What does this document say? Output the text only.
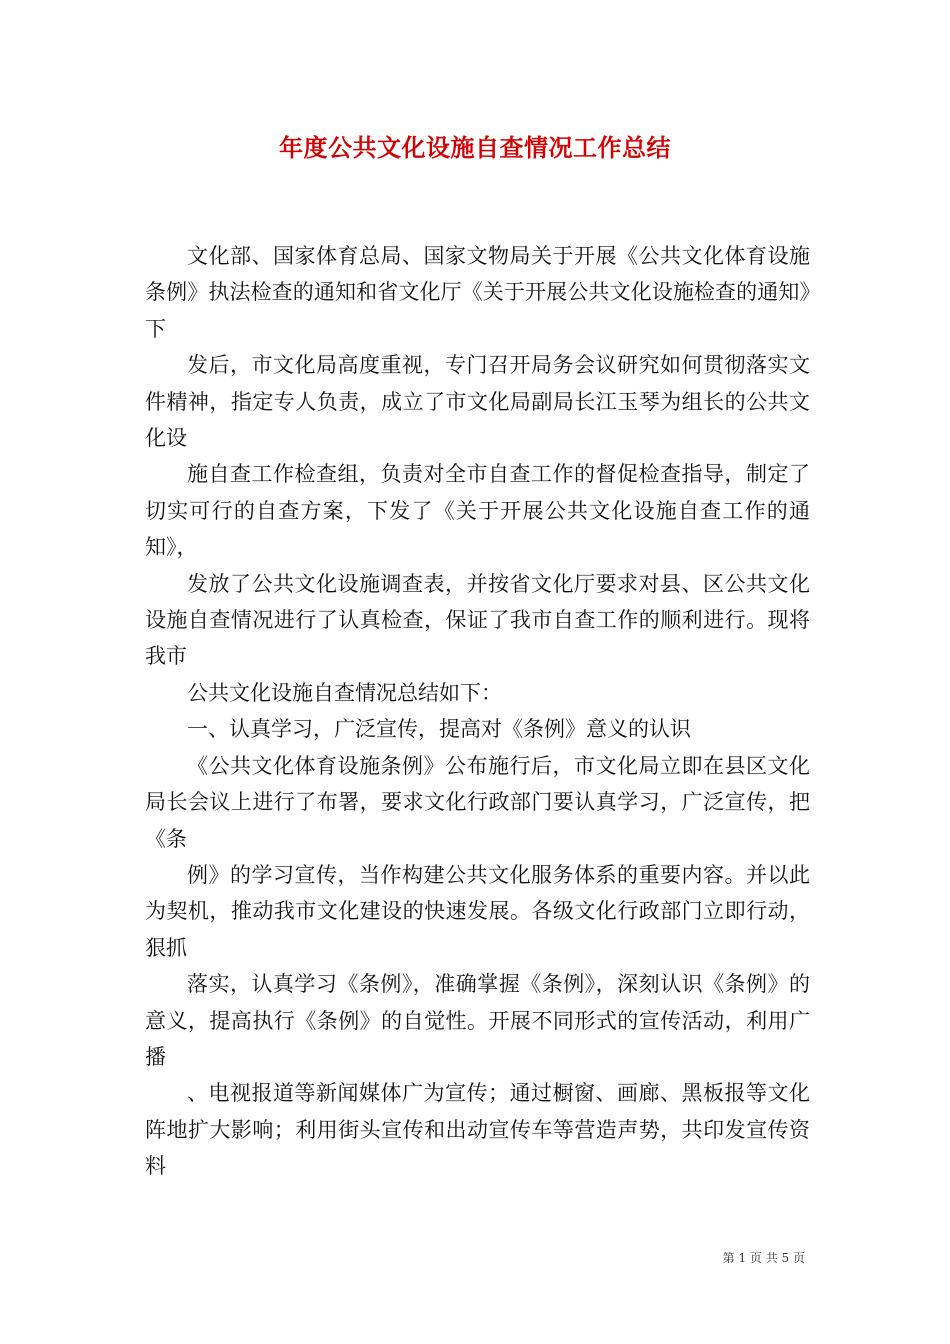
年度公共文化设施自查情况工作总结

文化部、国家体育总局、国家文物局关于开展《公共文化体育设施条例》执法检查的通知和省文化厅《关于开展公共文化设施检查的通知》下

发后，市文化局高度重视，专门召开局务会议研究如何贯彻落实文件精神，指定专人负责，成立了市文化局副局长江玉琴为组长的公共文化设

施自查工作检查组，负责对全市自查工作的督促检查指导，制定了切实可行的自查方案，下发了《关于开展公共文化设施自查工作的通知》，

发放了公共文化设施调查表，并按省文化厅要求对县、区公共文化设施自查情况进行了认真检查，保证了我市自查工作的顺利进行。现将我市

公共文化设施自查情况总结如下：

一、认真学习，广泛宣传，提高对《条例》意义的认识

《公共文化体育设施条例》公布施行后，市文化局立即在县区文化局长会议上进行了布署，要求文化行政部门要认真学习，广泛宣传，把《条

例》的学习宣传，当作构建公共文化服务体系的重要内容。并以此为契机，推动我市文化建设的快速发展。各级文化行政部门立即行动，狠抓

落实，认真学习《条例》，准确掌握《条例》，深刻认识《条例》的意义，提高执行《条例》的自觉性。开展不同形式的宣传活动，利用广播

、电视报道等新闻媒体广为宣传；通过橱窗、画廊、黑板报等文化阵地扩大影响；利用街头宣传和出动宣传车等营造声势，共印发宣传资料

第 1 页 共 5 页
